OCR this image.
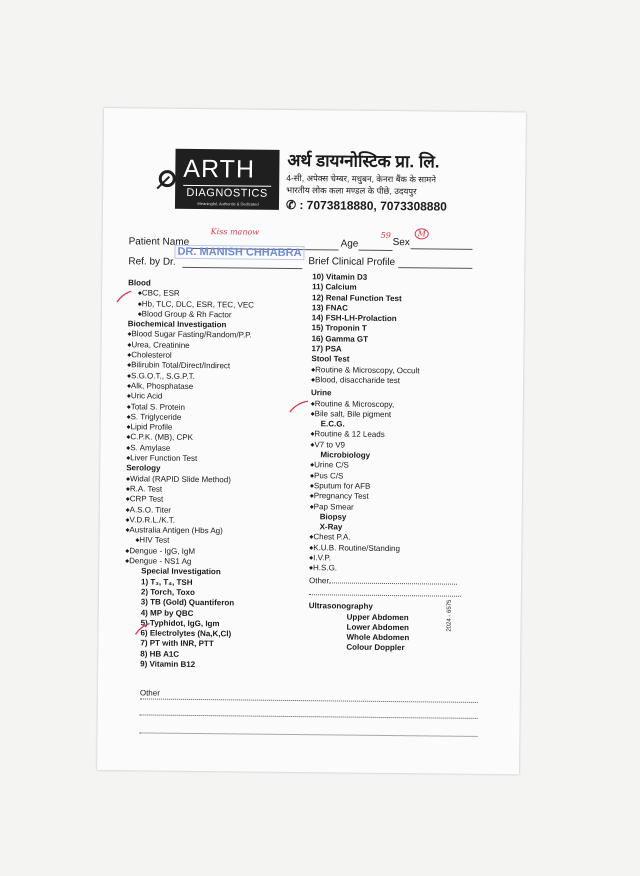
ARTH
DIAGNOSTICS
Meaningful, Authentic & Dedicated
अर्थ डायग्नोस्टिक प्रा. लि.
4-सी, अपेक्स चेम्बर, मधुबन, केनरा बैंक के सामने
भारतीय लोक कला मण्डल के पीछे, उदयपुर
✆ : 7073818880, 7073308880
Patient Name
Kiss manow
Age
59
Sex
M
Ref. by Dr.
DR. MANISH CHHABRA
Brief Clinical Profile
Blood
◆ CBC, ESR
◆ Hb, TLC, DLC, ESR, TEC, VEC
◆ Blood Group & Rh Factor
Biochemical Investigation
◆ Blood Sugar Fasting/Random/P.P.
◆ Urea, Creatinine
◆ Cholesterol
◆ Bilirubin Total/Direct/Indirect
◆ S.G.O.T., S.G.P.T.
◆ Alk, Phosphatase
◆ Uric Acid
◆ Total S. Protein
◆ S. Triglyceride
◆ Lipid Profile
◆ C.P.K. (MB), CPK
◆ S. Amylase
◆ Liver Function Test
Serology
◆ Widal (RAPID Slide Method)
◆ R.A. Test
◆ CRP Test
◆ A.S.O. Titer
◆ V.D.R.L./K.T.
◆ Australia Antigen (Hbs Ag)
◆ HIV Test
◆ Dengue - IgG, IgM
◆ Dengue - NS1 Ag
Special Investigation
1) T₃, T₄, TSH
2) Torch, Toxo
3) TB (Gold) Quantiferon
4) MP by QBC
5) Typhidot, IgG, Igm
6) Electrolytes (Na,K,Cl)
7) PT with INR, PTT
8) HB A1C
9) Vitamin B12
10) Vitamin D3
11) Calcium
12) Renal Function Test
13) FNAC
14) FSH-LH-Prolaction
15) Troponin T
16) Gamma GT
17) PSA
Stool Test
◆ Routine & Microscopy, Occult
◆ Blood, disaccharide test
Urine
◆ Routine & Microscopy,
◆ Bile salt, Bile pigment
E.C.G.
◆ Routine & 12 Leads
◆ V7 to V9
Microbiology
◆ Urine C/S
◆ Pus C/S
◆ Sputum for AFB
◆ Pregnancy Test
◆ Pap Smear
Biopsy
X-Ray
◆ Chest P.A.
◆ K.U.B. Routine/Standing
◆ I.V.P.
◆ H.S.G.
Other
Ultrasonography
Upper Abdomen
Lower Abdomen
Whole Abdomen
Colour Doppler
Other
2024 - 6575
